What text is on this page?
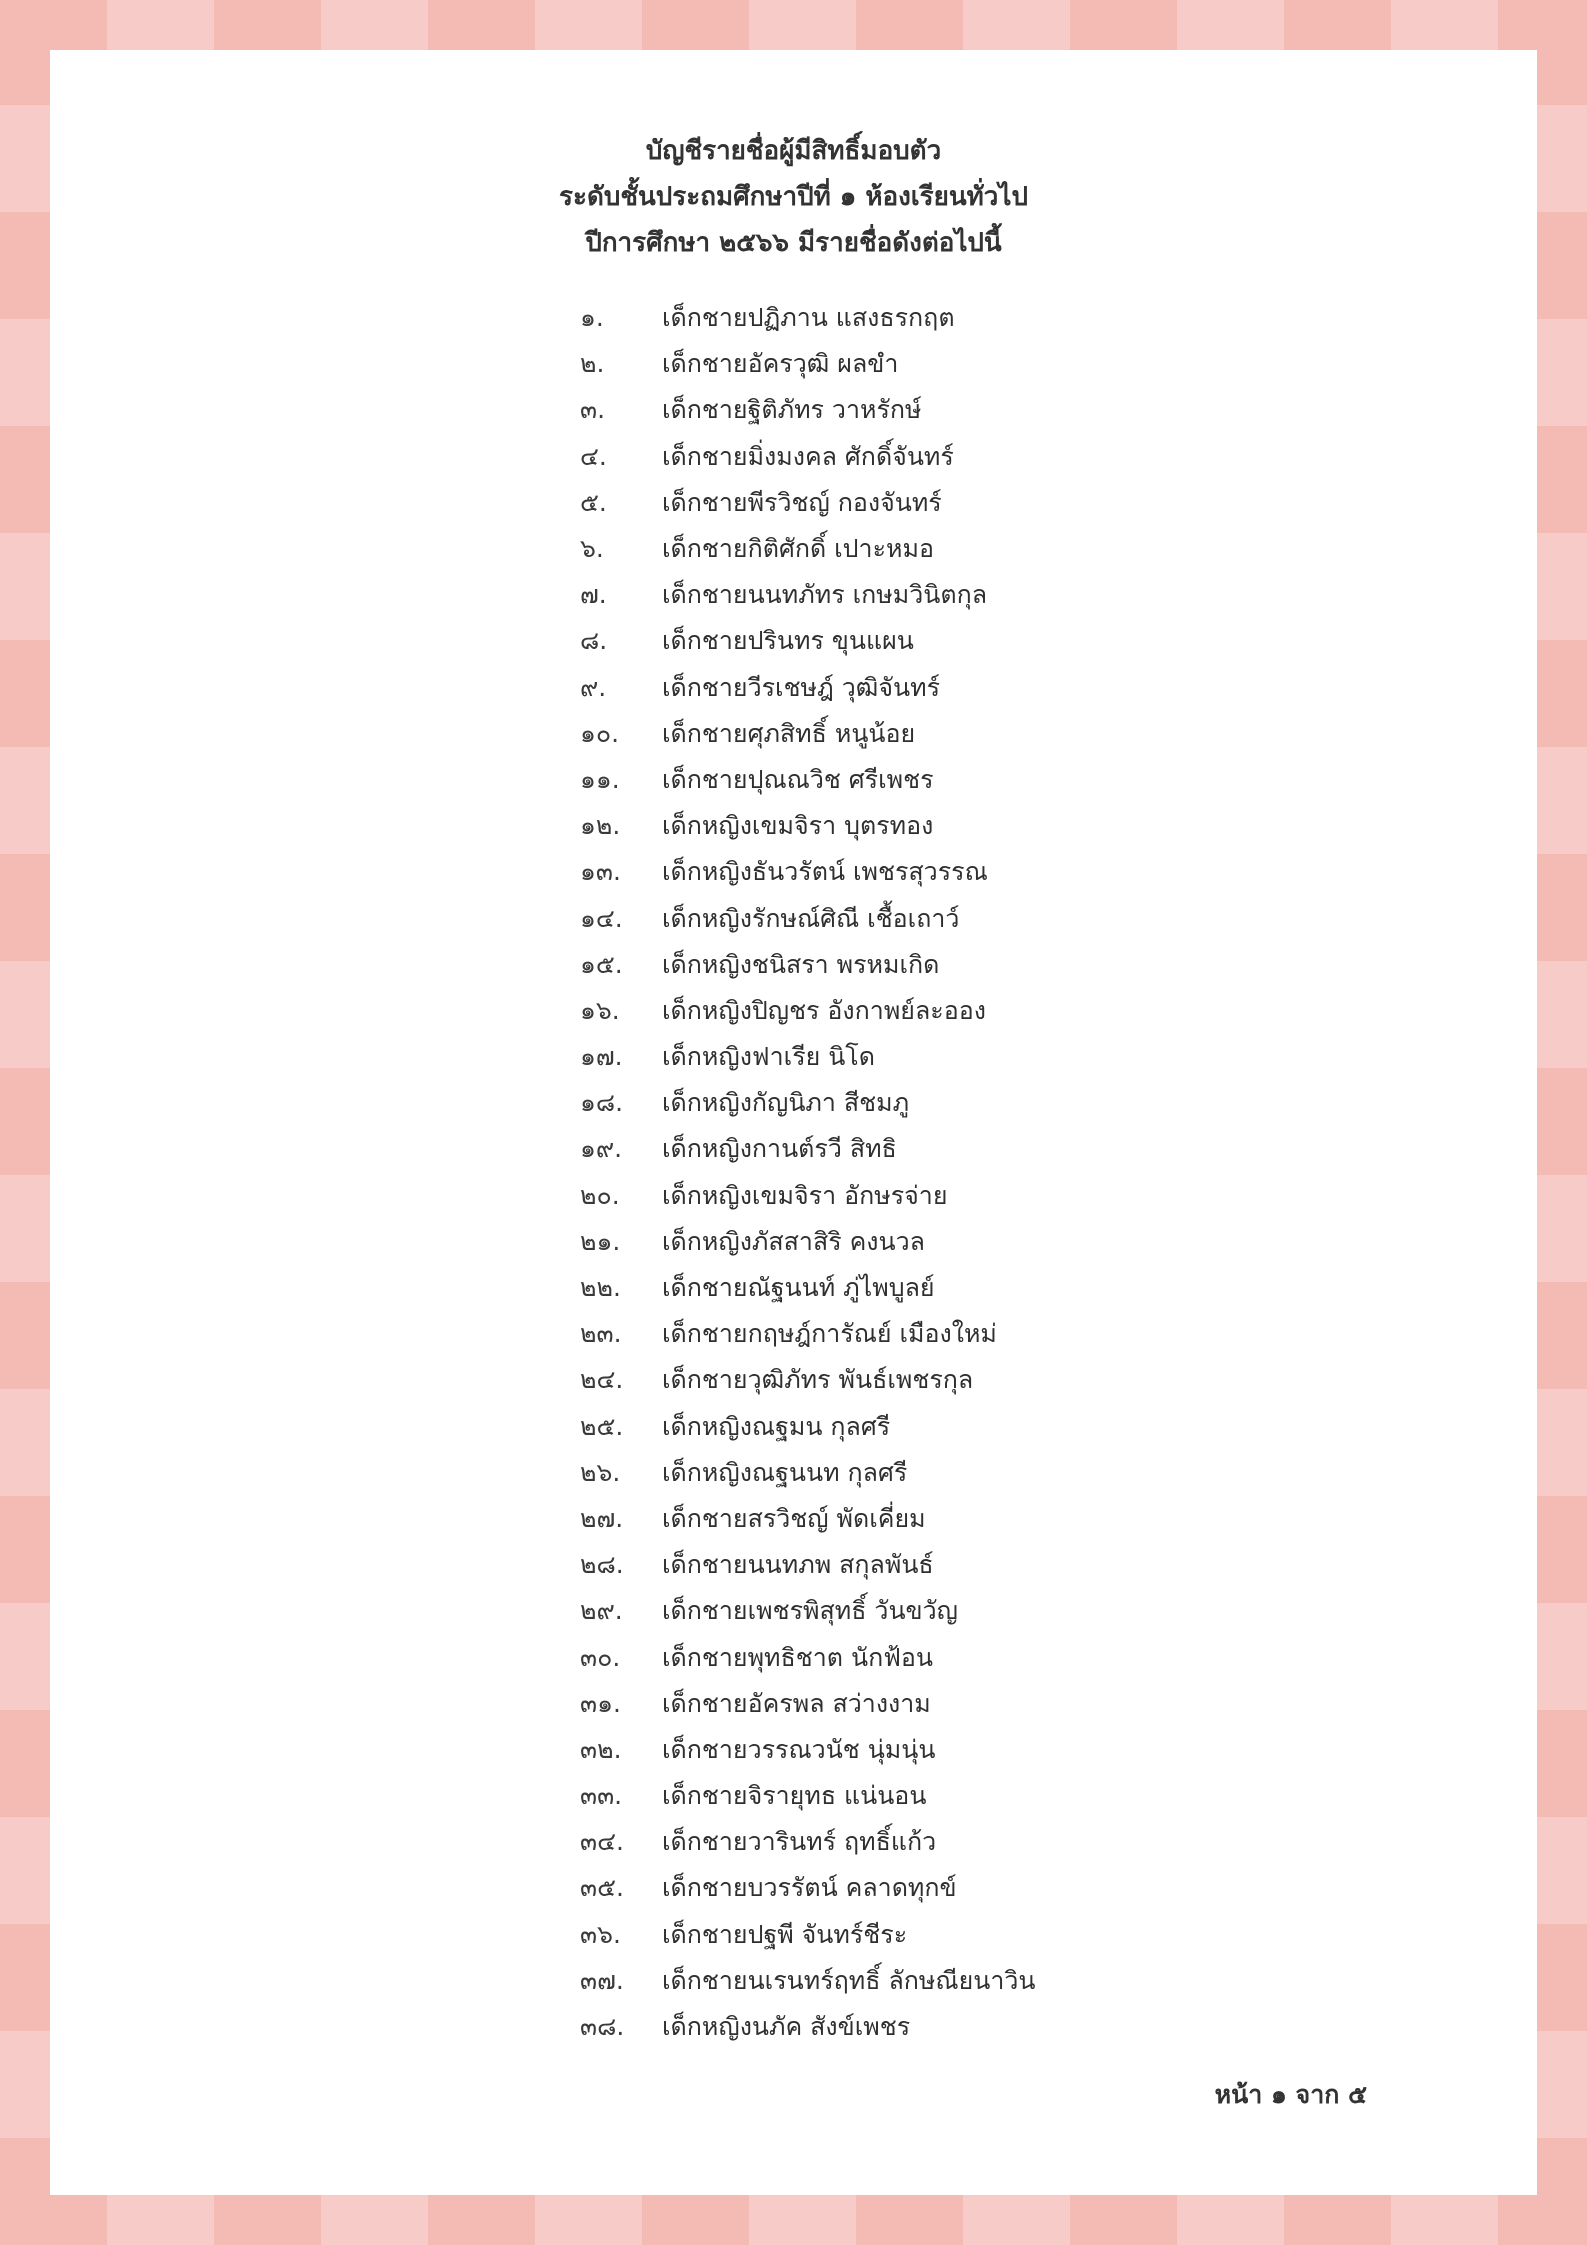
บัญชีรายชื่อผู้มีสิทธิ์มอบตัว
ระดับชั้นประถมศึกษาปีที่ ๑ ห้องเรียนทั่วไป
ปีการศึกษา ๒๕๖๖ มีรายชื่อดังต่อไปนี้
๑.	เด็กชายปฏิภาน แสงธรกฤต
๒.	เด็กชายอัครวุฒิ ผลขำ
๓.	เด็กชายฐิติภัทร วาหรักษ์
๔.	เด็กชายมิ่งมงคล ศักดิ์จันทร์
๕.	เด็กชายพีรวิชญ์ กองจันทร์
๖.	เด็กชายกิติศักดิ์ เปาะหมอ
๗.	เด็กชายนนทภัทร เกษมวินิตกุล
๘.	เด็กชายปรินทร ขุนแผน
๙.	เด็กชายวีรเชษฎ์ วุฒิจันทร์
๑๐.	เด็กชายศุภสิทธิ์ หนูน้อย
๑๑.	เด็กชายปุณณวิช ศรีเพชร
๑๒.	เด็กหญิงเขมจิรา บุตรทอง
๑๓.	เด็กหญิงธันวรัตน์ เพชรสุวรรณ
๑๔.	เด็กหญิงรักษณ์ศิณี เชื้อเถาว์
๑๕.	เด็กหญิงชนิสรา พรหมเกิด
๑๖.	เด็กหญิงปิญชร อังกาพย์ละออง
๑๗.	เด็กหญิงฟาเรีย นิโด
๑๘.	เด็กหญิงกัญนิภา สีชมภู
๑๙.	เด็กหญิงกานต์รวี สิทธิ
๒๐.	เด็กหญิงเขมจิรา อักษรจ่าย
๒๑.	เด็กหญิงภัสสาสิริ คงนวล
๒๒.	เด็กชายณัฐนนท์ ภู่ไพบูลย์
๒๓.	เด็กชายกฤษฎ์การัณย์ เมืองใหม่
๒๔.	เด็กชายวุฒิภัทร พันธ์เพชรกุล
๒๕.	เด็กหญิงณฐมน กุลศรี
๒๖.	เด็กหญิงณฐนนท กุลศรี
๒๗.	เด็กชายสรวิชญ์ พัดเคี่ยม
๒๘.	เด็กชายนนทภพ สกุลพันธ์
๒๙.	เด็กชายเพชรพิสุทธิ์ วันขวัญ
๓๐.	เด็กชายพุทธิชาต นักฟ้อน
๓๑.	เด็กชายอัครพล สว่างงาม
๓๒.	เด็กชายวรรณวนัช นุ่มนุ่น
๓๓.	เด็กชายจิรายุทธ แน่นอน
๓๔.	เด็กชายวารินทร์ ฤทธิ์แก้ว
๓๕.	เด็กชายบวรรัตน์ คลาดทุกข์
๓๖.	เด็กชายปฐพี จันทร์ชีระ
๓๗.	เด็กชายนเรนทร์ฤทธิ์ ลักษณียนาวิน
๓๘.	เด็กหญิงนภัค สังข์เพชร
หน้า ๑ จาก ๕
